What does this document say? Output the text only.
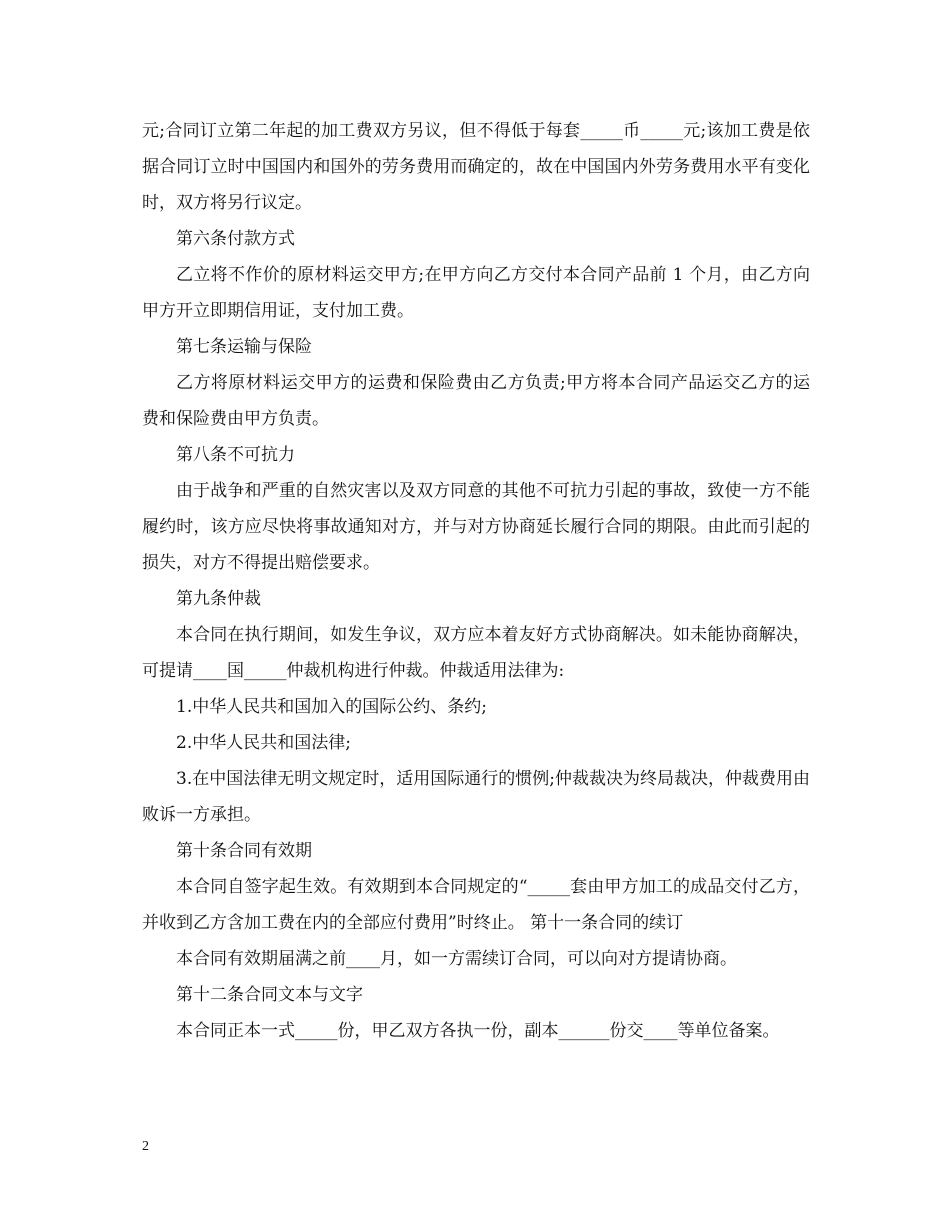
元;合同订立第二年起的加工费双方另议，但不得低于每套_____币_____元;该加工费是依据合同订立时中国国内和国外的劳务费用而确定的，故在中国国内外劳务费用水平有变化时，双方将另行议定。

第六条付款方式

乙立将不作价的原材料运交甲方;在甲方向乙方交付本合同产品前 1 个月，由乙方向甲方开立即期信用证，支付加工费。

第七条运输与保险

乙方将原材料运交甲方的运费和保险费由乙方负责;甲方将本合同产品运交乙方的运费和保险费由甲方负责。

第八条不可抗力

由于战争和严重的自然灾害以及双方同意的其他不可抗力引起的事故，致使一方不能履约时，该方应尽快将事故通知对方，并与对方协商延长履行合同的期限。由此而引起的损失，对方不得提出赔偿要求。

第九条仲裁

本合同在执行期间，如发生争议，双方应本着友好方式协商解决。如未能协商解决，可提请____国_____仲裁机构进行仲裁。仲裁适用法律为:

1.中华人民共和国加入的国际公约、条约;

2.中华人民共和国法律;

3.在中国法律无明文规定时，适用国际通行的惯例;仲裁裁决为终局裁决，仲裁费用由败诉一方承担。

第十条合同有效期

本合同自签字起生效。有效期到本合同规定的“_____套由甲方加工的成品交付乙方，并收到乙方含加工费在内的全部应付费用”时终止。 第十一条合同的续订

本合同有效期届满之前____月，如一方需续订合同，可以向对方提请协商。

第十二条合同文本与文字

本合同正本一式_____份，甲乙双方各执一份，副本______份交____等单位备案。

2
